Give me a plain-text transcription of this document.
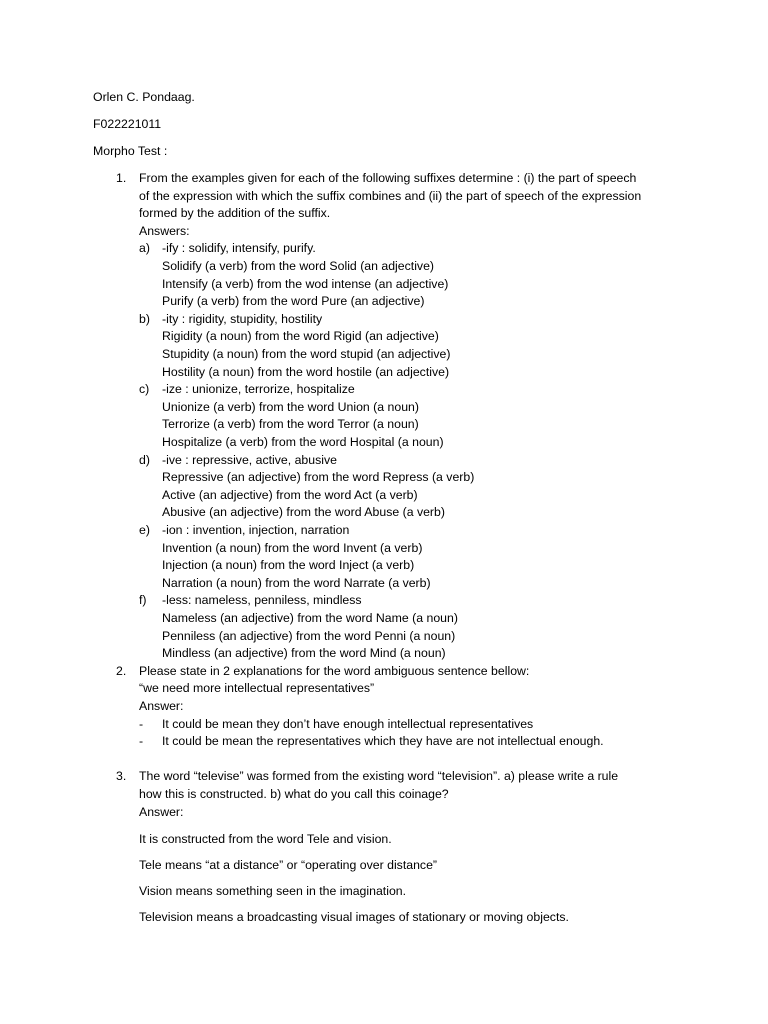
Orlen C. Pondaag.
F022221011
Morpho Test :
1. From the examples given for each of the following suffixes determine : (i) the part of speech
of the expression with which the suffix combines and (ii) the part of speech of the expression
formed by the addition of the suffix.
Answers:
a) -ify : solidify, intensify, purify.
Solidify (a verb) from the word Solid (an adjective)
Intensify (a verb) from the wod intense (an adjective)
Purify (a verb) from the word Pure (an adjective)
b) -ity : rigidity, stupidity, hostility
Rigidity (a noun) from the word Rigid (an adjective)
Stupidity (a noun) from the word stupid (an adjective)
Hostility (a noun) from the word hostile (an adjective)
c) -ize : unionize, terrorize, hospitalize
Unionize (a verb) from the word Union (a noun)
Terrorize (a verb) from the word Terror (a noun)
Hospitalize (a verb) from the word Hospital (a noun)
d) -ive : repressive, active, abusive
Repressive (an adjective) from the word Repress (a verb)
Active (an adjective) from the word Act (a verb)
Abusive (an adjective) from the word Abuse (a verb)
e) -ion : invention, injection, narration
Invention (a noun) from the word Invent (a verb)
Injection (a noun) from the word Inject (a verb)
Narration (a noun) from the word Narrate (a verb)
f) -less: nameless, penniless, mindless
Nameless (an adjective) from the word Name (a noun)
Penniless (an adjective) from the word Penni (a noun)
Mindless (an adjective) from the word Mind (a noun)
2. Please state in 2 explanations for the word ambiguous sentence bellow:
“we need more intellectual representatives”
Answer:
- It could be mean they don’t have enough intellectual representatives
- It could be mean the representatives which they have are not intellectual enough.
3. The word “televise” was formed from the existing word “television”. a) please write a rule
how this is constructed. b) what do you call this coinage?
Answer:
It is constructed from the word Tele and vision.
Tele means “at a distance” or “operating over distance”
Vision means something seen in the imagination.
Television means a broadcasting visual images of stationary or moving objects.
